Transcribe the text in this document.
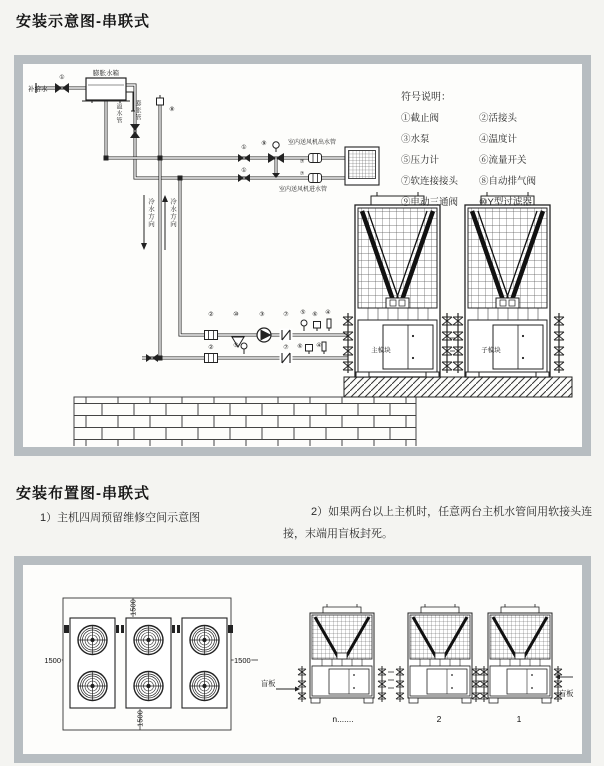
安装示意图-串联式
膨胀水箱
补给水
①
⑧
①
①
⑨
⑦
⑦
室内送风机出水管
室内送风机进水管
②	⑩	③	⑦ ⑤ ⑥ ④
②	⑤	⑦ ⑥ ④
主模块	子模块
符号说明：
①截止阀	②活接头
③水泵	④温度计
⑤压力计	⑥流量开关
⑦软连接接头	⑧自动排气阀
⑨电动三通阀	⑩Y型过滤器
溢水管 膨胀管
冷水方向 冷水方向
安装布置图-串联式
1）主机四周预留维修空间示意图	2）如果两台以上主机时，任意两台主机水管间用软接头连接，末端用盲板封死。
1500	1500
盲板
盲板
n.......	2	1
1500
1500
